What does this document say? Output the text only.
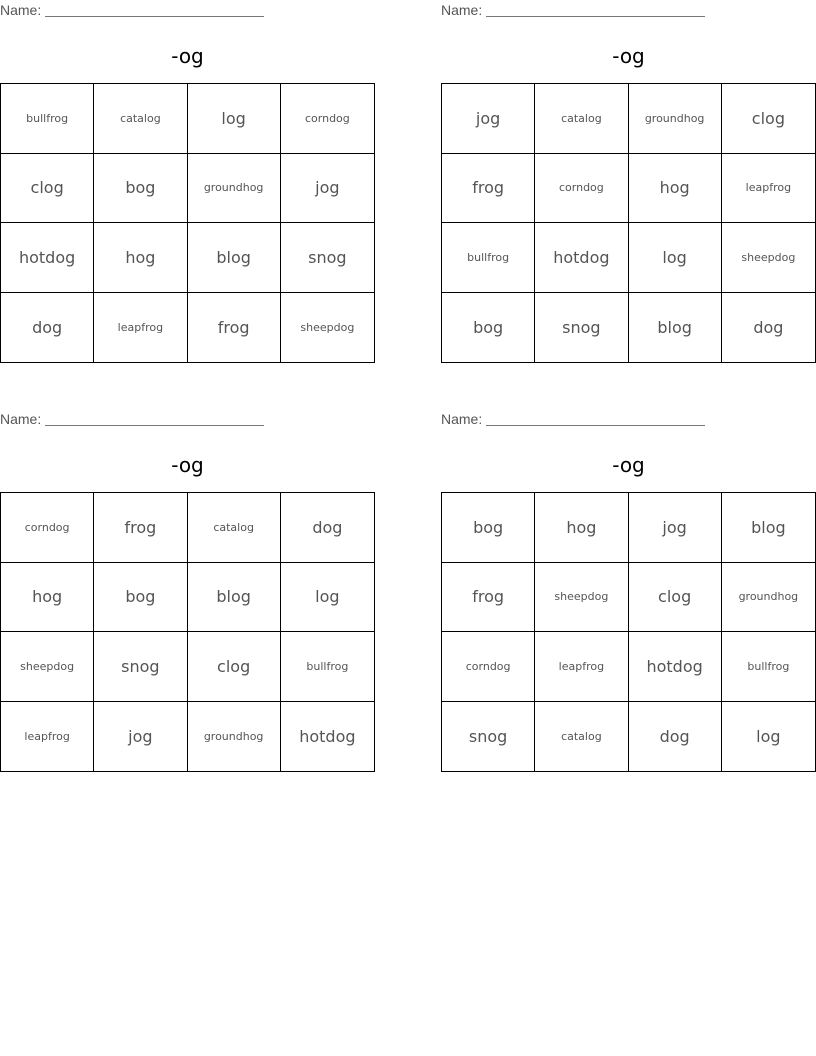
Name:
-og
bullfrog	catalog	log	corndog
clog	bog	groundhog	jog
hotdog	hog	blog	snog
dog	leapfrog	frog	sheepdog
Name:
-og
jog	catalog	groundhog	clog
frog	corndog	hog	leapfrog
bullfrog	hotdog	log	sheepdog
bog	snog	blog	dog
Name:
-og
corndog	frog	catalog	dog
hog	bog	blog	log
sheepdog	snog	clog	bullfrog
leapfrog	jog	groundhog	hotdog
Name:
-og
bog	hog	jog	blog
frog	sheepdog	clog	groundhog
corndog	leapfrog	hotdog	bullfrog
snog	catalog	dog	log
